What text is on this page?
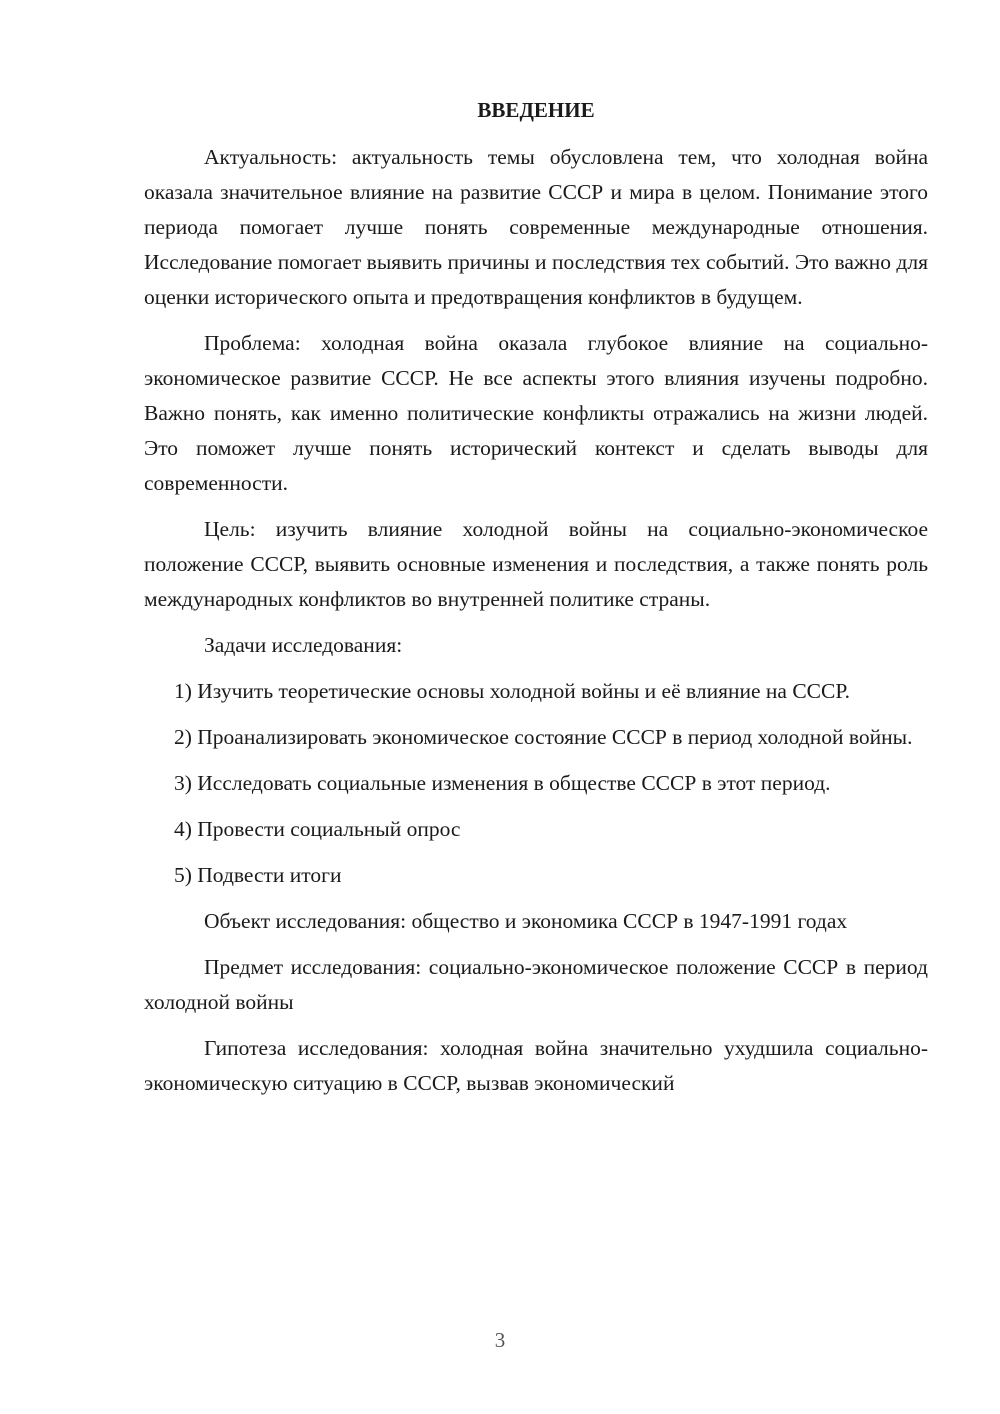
ВВЕДЕНИЕ

Актуальность: актуальность темы обусловлена тем, что холодная война оказала значительное влияние на развитие СССР и мира в целом. Понимание этого периода помогает лучше понять современные международные отношения. Исследование помогает выявить причины и последствия тех событий. Это важно для оценки исторического опыта и предотвращения конфликтов в будущем.

Проблема: холодная война оказала глубокое влияние на социально-экономическое развитие СССР. Не все аспекты этого влияния изучены подробно. Важно понять, как именно политические конфликты отражались на жизни людей. Это поможет лучше понять исторический контекст и сделать выводы для современности.

Цель: изучить влияние холодной войны на социально-экономическое положение СССР, выявить основные изменения и последствия, а также понять роль международных конфликтов во внутренней политике страны.

Задачи исследования:

1) Изучить теоретические основы холодной войны и её влияние на СССР.

2) Проанализировать экономическое состояние СССР в период холодной войны.

3) Исследовать социальные изменения в обществе СССР в этот период.

4) Провести социальный опрос

5) Подвести итоги

Объект исследования: общество и экономика СССР в 1947-1991 годах

Предмет исследования: социально-экономическое положение СССР в период холодной войны

Гипотеза исследования: холодная война значительно ухудшила социально-экономическую ситуацию в СССР, вызвав экономический

3
